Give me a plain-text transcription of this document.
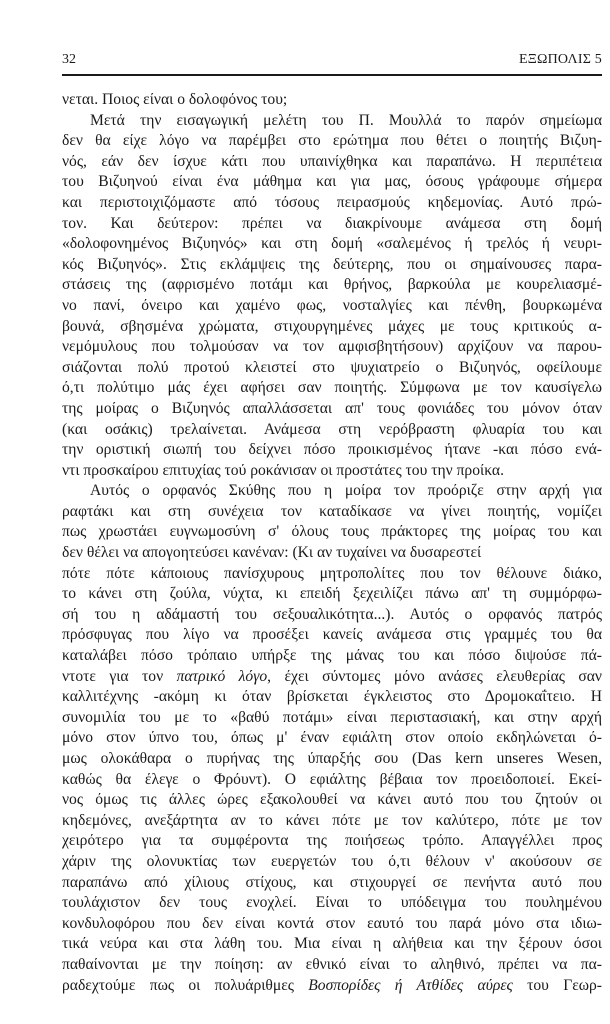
32	ΕΞΩΠΟΛΙΣ 5
νεται. Ποιος είναι ο δολοφόνος του;
Μετά την εισαγωγική μελέτη του Π. Μουλλά το παρόν σημείωμα
δεν θα είχε λόγο να παρέμβει στο ερώτημα που θέτει ο ποιητής Βιζυη-
νός, εάν δεν ίσχυε κάτι που υπαινίχθηκα και παραπάνω. Η περιπέτεια
του Βιζυηνού είναι ένα μάθημα και για μας, όσους γράφουμε σήμερα
και περιστοιχιζόμαστε από τόσους πειρασμούς κηδεμονίας. Αυτό πρώ-
τον. Και δεύτερον: πρέπει να διακρίνουμε ανάμεσα στη δομή
«δολοφονημένος Βιζυηνός» και στη δομή «σαλεμένος ή τρελός ή νευρι-
κός Βιζυηνός». Στις εκλάμψεις της δεύτερης, που οι σημαίνουσες παρα-
στάσεις της (αφρισμένο ποτάμι και θρήνος, βαρκούλα με κουρελιασμέ-
νο πανί, όνειρο και χαμένο φως, νοσταλγίες και πένθη, βουρκωμένα
βουνά, σβησμένα χρώματα, στιχουργημένες μάχες με τους κριτικούς α-
νεμόμυλους που τολμούσαν να τον αμφισβητήσουν) αρχίζουν να παρου-
σιάζονται πολύ προτού κλειστεί στο ψυχιατρείο ο Βιζυηνός, οφείλουμε
ό,τι πολύτιμο μάς έχει αφήσει σαν ποιητής. Σύμφωνα με τον καυσίγελω
της μοίρας ο Βιζυηνός απαλλάσσεται απ' τους φονιάδες του μόνον όταν
(και οσάκις) τρελαίνεται. Ανάμεσα στη νερόβραστη φλυαρία του και
την οριστική σιωπή του δείχνει πόσο προικισμένος ήτανε -και πόσο ενά-
ντι προσκαίρου επιτυχίας τού ροκάνισαν οι προστάτες του την προίκα.
Αυτός ο ορφανός Σκύθης που η μοίρα τον προόριζε στην αρχή για
ραφτάκι και στη συνέχεια τον καταδίκασε να γίνει ποιητής, νομίζει
πως χρωστάει ευγνωμοσύνη σ' όλους τους πράκτορες της μοίρας του και
δεν θέλει να απογοητεύσει κανέναν: (Κι αν τυχαίνει να δυσαρεστεί
πότε πότε κάποιους πανίσχυρους μητροπολίτες που τον θέλουνε διάκο,
το κάνει στη ζούλα, νύχτα, κι επειδή ξεχειλίζει πάνω απ' τη συμμόρφω-
σή του η αδάμαστή του σεξουαλικότητα...). Αυτός ο ορφανός πατρός
πρόσφυγας που λίγο να προσέξει κανείς ανάμεσα στις γραμμές του θα
καταλάβει πόσο τρόπαιο υπήρξε της μάνας του και πόσο διψούσε πά-
ντοτε για τον πατρικό λόγο, έχει σύντομες μόνο ανάσες ελευθερίας σαν
καλλιτέχνης -ακόμη κι όταν βρίσκεται έγκλειστος στο Δρομοκαΐτειο. Η
συνομιλία του με το «βαθύ ποτάμι» είναι περιστασιακή, και στην αρχή
μόνο στον ύπνο του, όπως μ' έναν εφιάλτη στον οποίο εκδηλώνεται ό-
μως ολοκάθαρα ο πυρήνας της ύπαρξής σου (Das kern unseres Wesen,
καθώς θα έλεγε ο Φρόυντ). Ο εφιάλτης βέβαια τον προειδοποιεί. Εκεί-
νος όμως τις άλλες ώρες εξακολουθεί να κάνει αυτό που του ζητούν οι
κηδεμόνες, ανεξάρτητα αν το κάνει πότε με τον καλύτερο, πότε με τον
χειρότερο για τα συμφέροντα της ποιήσεως τρόπο. Απαγγέλλει προς
χάριν της ολονυκτίας των ευεργετών του ό,τι θέλουν ν' ακούσουν σε
παραπάνω από χίλιους στίχους, και στιχουργεί σε πενήντα αυτό που
τουλάχιστον δεν τους ενοχλεί. Είναι το υπόδειγμα του πουλημένου
κονδυλοφόρου που δεν είναι κοντά στον εαυτό του παρά μόνο στα ιδιω-
τικά νεύρα και στα λάθη του. Μια είναι η αλήθεια και την ξέρουν όσοι
παθαίνονται με την ποίηση: αν εθνικό είναι το αληθινό, πρέπει να πα-
ραδεχτούμε πως οι πολυάριθμες Βοσπορίδες ή Ατθίδες αύρες του Γεωρ-
